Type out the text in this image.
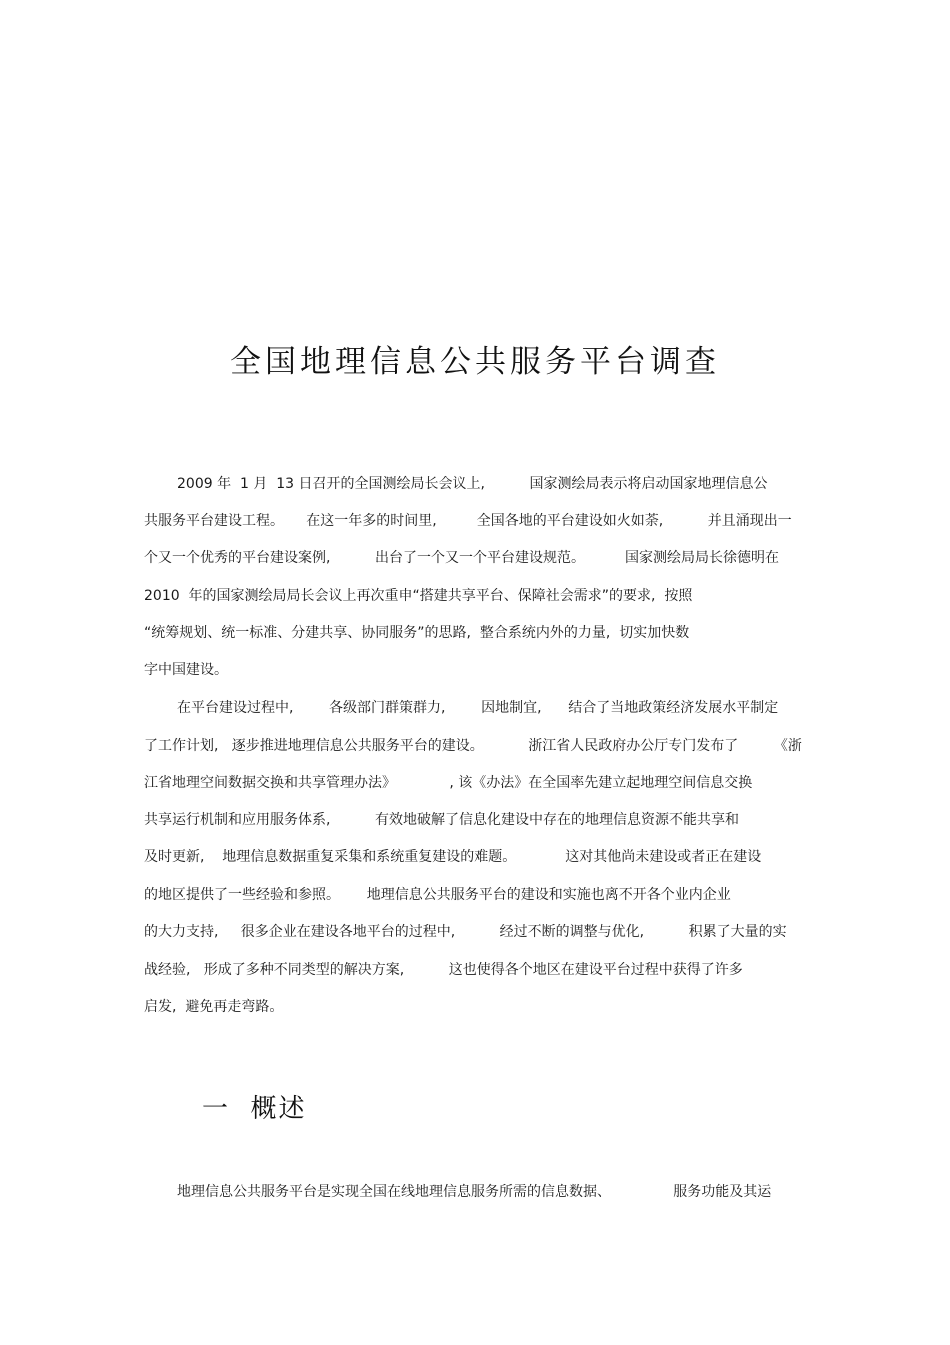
全国地理信息公共服务平台调查
2009 年  1 月  13 日召开的全国测绘局长会议上,          国家测绘局表示将启动国家地理信息公
共服务平台建设工程。     在这一年多的时间里,         全国各地的平台建设如火如荼,          并且涌现出一
个又一个优秀的平台建设案例,          出台了一个又一个平台建设规范。         国家测绘局局长徐德明在
2010  年的国家测绘局局长会议上再次重申“搭建共享平台、保障社会需求”的要求,  按照
“统筹规划、统一标准、分建共享、协同服务”的思路,  整合系统内外的力量,  切实加快数
字中国建设。
在平台建设过程中,        各级部门群策群力,        因地制宜,      结合了当地政策经济发展水平制定
了工作计划,   逐步推进地理信息公共服务平台的建设。          浙江省人民政府办公厅专门发布了        《浙
江省地理空间数据交换和共享管理办法》            , 该《办法》在全国率先建立起地理空间信息交换
共享运行机制和应用服务体系,          有效地破解了信息化建设中存在的地理信息资源不能共享和
及时更新,    地理信息数据重复采集和系统重复建设的难题。           这对其他尚未建设或者正在建设
的地区提供了一些经验和参照。      地理信息公共服务平台的建设和实施也离不开各个业内企业
的大力支持,     很多企业在建设各地平台的过程中,          经过不断的调整与优化,          积累了大量的实
战经验,   形成了多种不同类型的解决方案,          这也使得各个地区在建设平台过程中获得了许多
启发,  避免再走弯路。
一  概述
地理信息公共服务平台是实现全国在线地理信息服务所需的信息数据、              服务功能及其运
